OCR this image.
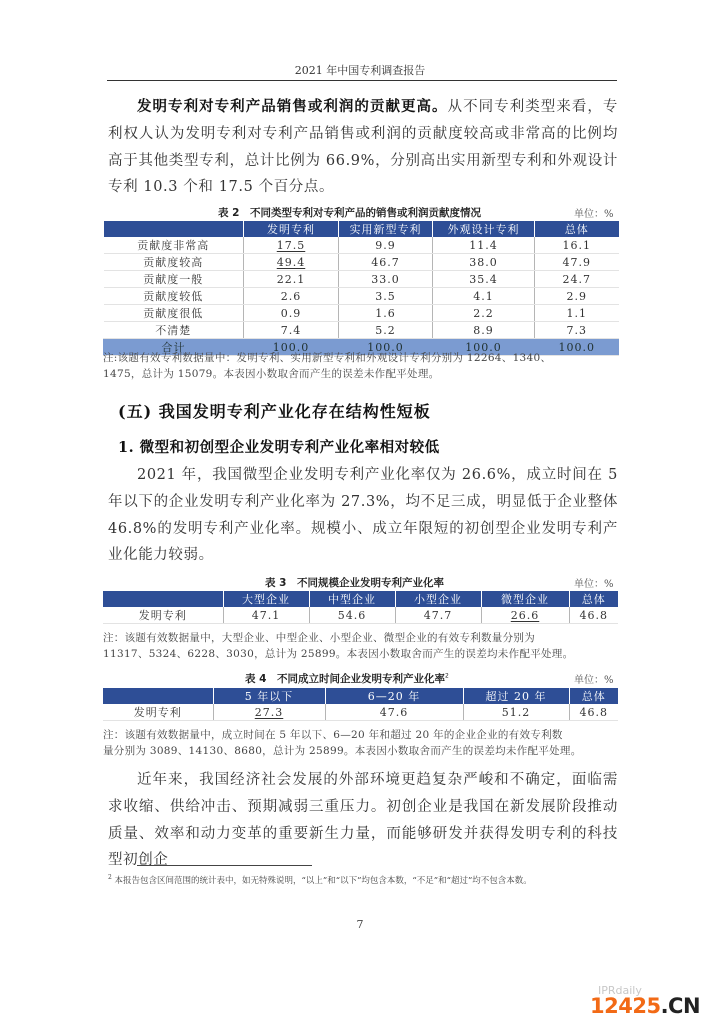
2021 年中国专利调查报告

发明专利对专利产品销售或利润的贡献更高。从不同专利类型来看，专利权人认为发明专利对专利产品销售或利润的贡献度较高或非常高的比例均高于其他类型专利，总计比例为 66.9%，分别高出实用新型专利和外观设计专利 10.3 个和 17.5 个百分点。

表 2　不同类型专利对专利产品的销售或利润贡献度情况	单位：%
	发明专利	实用新型专利	外观设计专利	总体
贡献度非常高	17.5	9.9	11.4	16.1
贡献度较高	49.4	46.7	38.0	47.9
贡献度一般	22.1	33.0	35.4	24.7
贡献度较低	2.6	3.5	4.1	2.9
贡献度很低	0.9	1.6	2.2	1.1
不清楚	7.4	5.2	8.9	7.3
合计	100.0	100.0	100.0	100.0
注:该题有效专利数据量中：发明专利、实用新型专利和外观设计专利分别为 12264、1340、
1475，总计为 15079。本表因小数取舍而产生的误差未作配平处理。
(五) 我国发明专利产业化存在结构性短板
1. 微型和初创型企业发明专利产业化率相对较低

2021 年，我国微型企业发明专利产业化率仅为 26.6%，成立时间在 5 年以下的企业发明专利产业化率为 27.3%，均不足三成，明显低于企业整体 46.8%的发明专利产业化率。规模小、成立年限短的初创型企业发明专利产业化能力较弱。

表 3　不同规模企业发明专利产业化率	单位：%
	大型企业	中型企业	小型企业	微型企业	总体
发明专利	47.1	54.6	47.7	26.6	46.8
注：该题有效数据量中，大型企业、中型企业、小型企业、微型企业的有效专利数量分别为
11317、5324、6228、3030，总计为 25899。本表因小数取舍而产生的误差均未作配平处理。
表 4　不同成立时间企业发明专利产业化率$^2$	单位：%
	5 年以下	6—20 年	超过 20 年	总体
发明专利	27.3	47.6	51.2	46.8
注：该题有效数据量中，成立时间在 5 年以下、6—20 年和超过 20 年的企业企业的有效专利数
量分别为 3089、14130、8680，总计为 25899。本表因小数取舍而产生的误差均未作配平处理。

近年来，我国经济社会发展的外部环境更趋复杂严峻和不确定，面临需求收缩、供给冲击、预期减弱三重压力。初创企业是我国在新发展阶段推动质量、效率和动力变革的重要新生力量，而能够研发并获得发明专利的科技型初创企

$^2$ 本报告包含区间范围的统计表中，如无特殊说明，“以上”和“以下”均包含本数，“不足”和“超过”均不包含本数。
7
IPRdaily
12425.CN
